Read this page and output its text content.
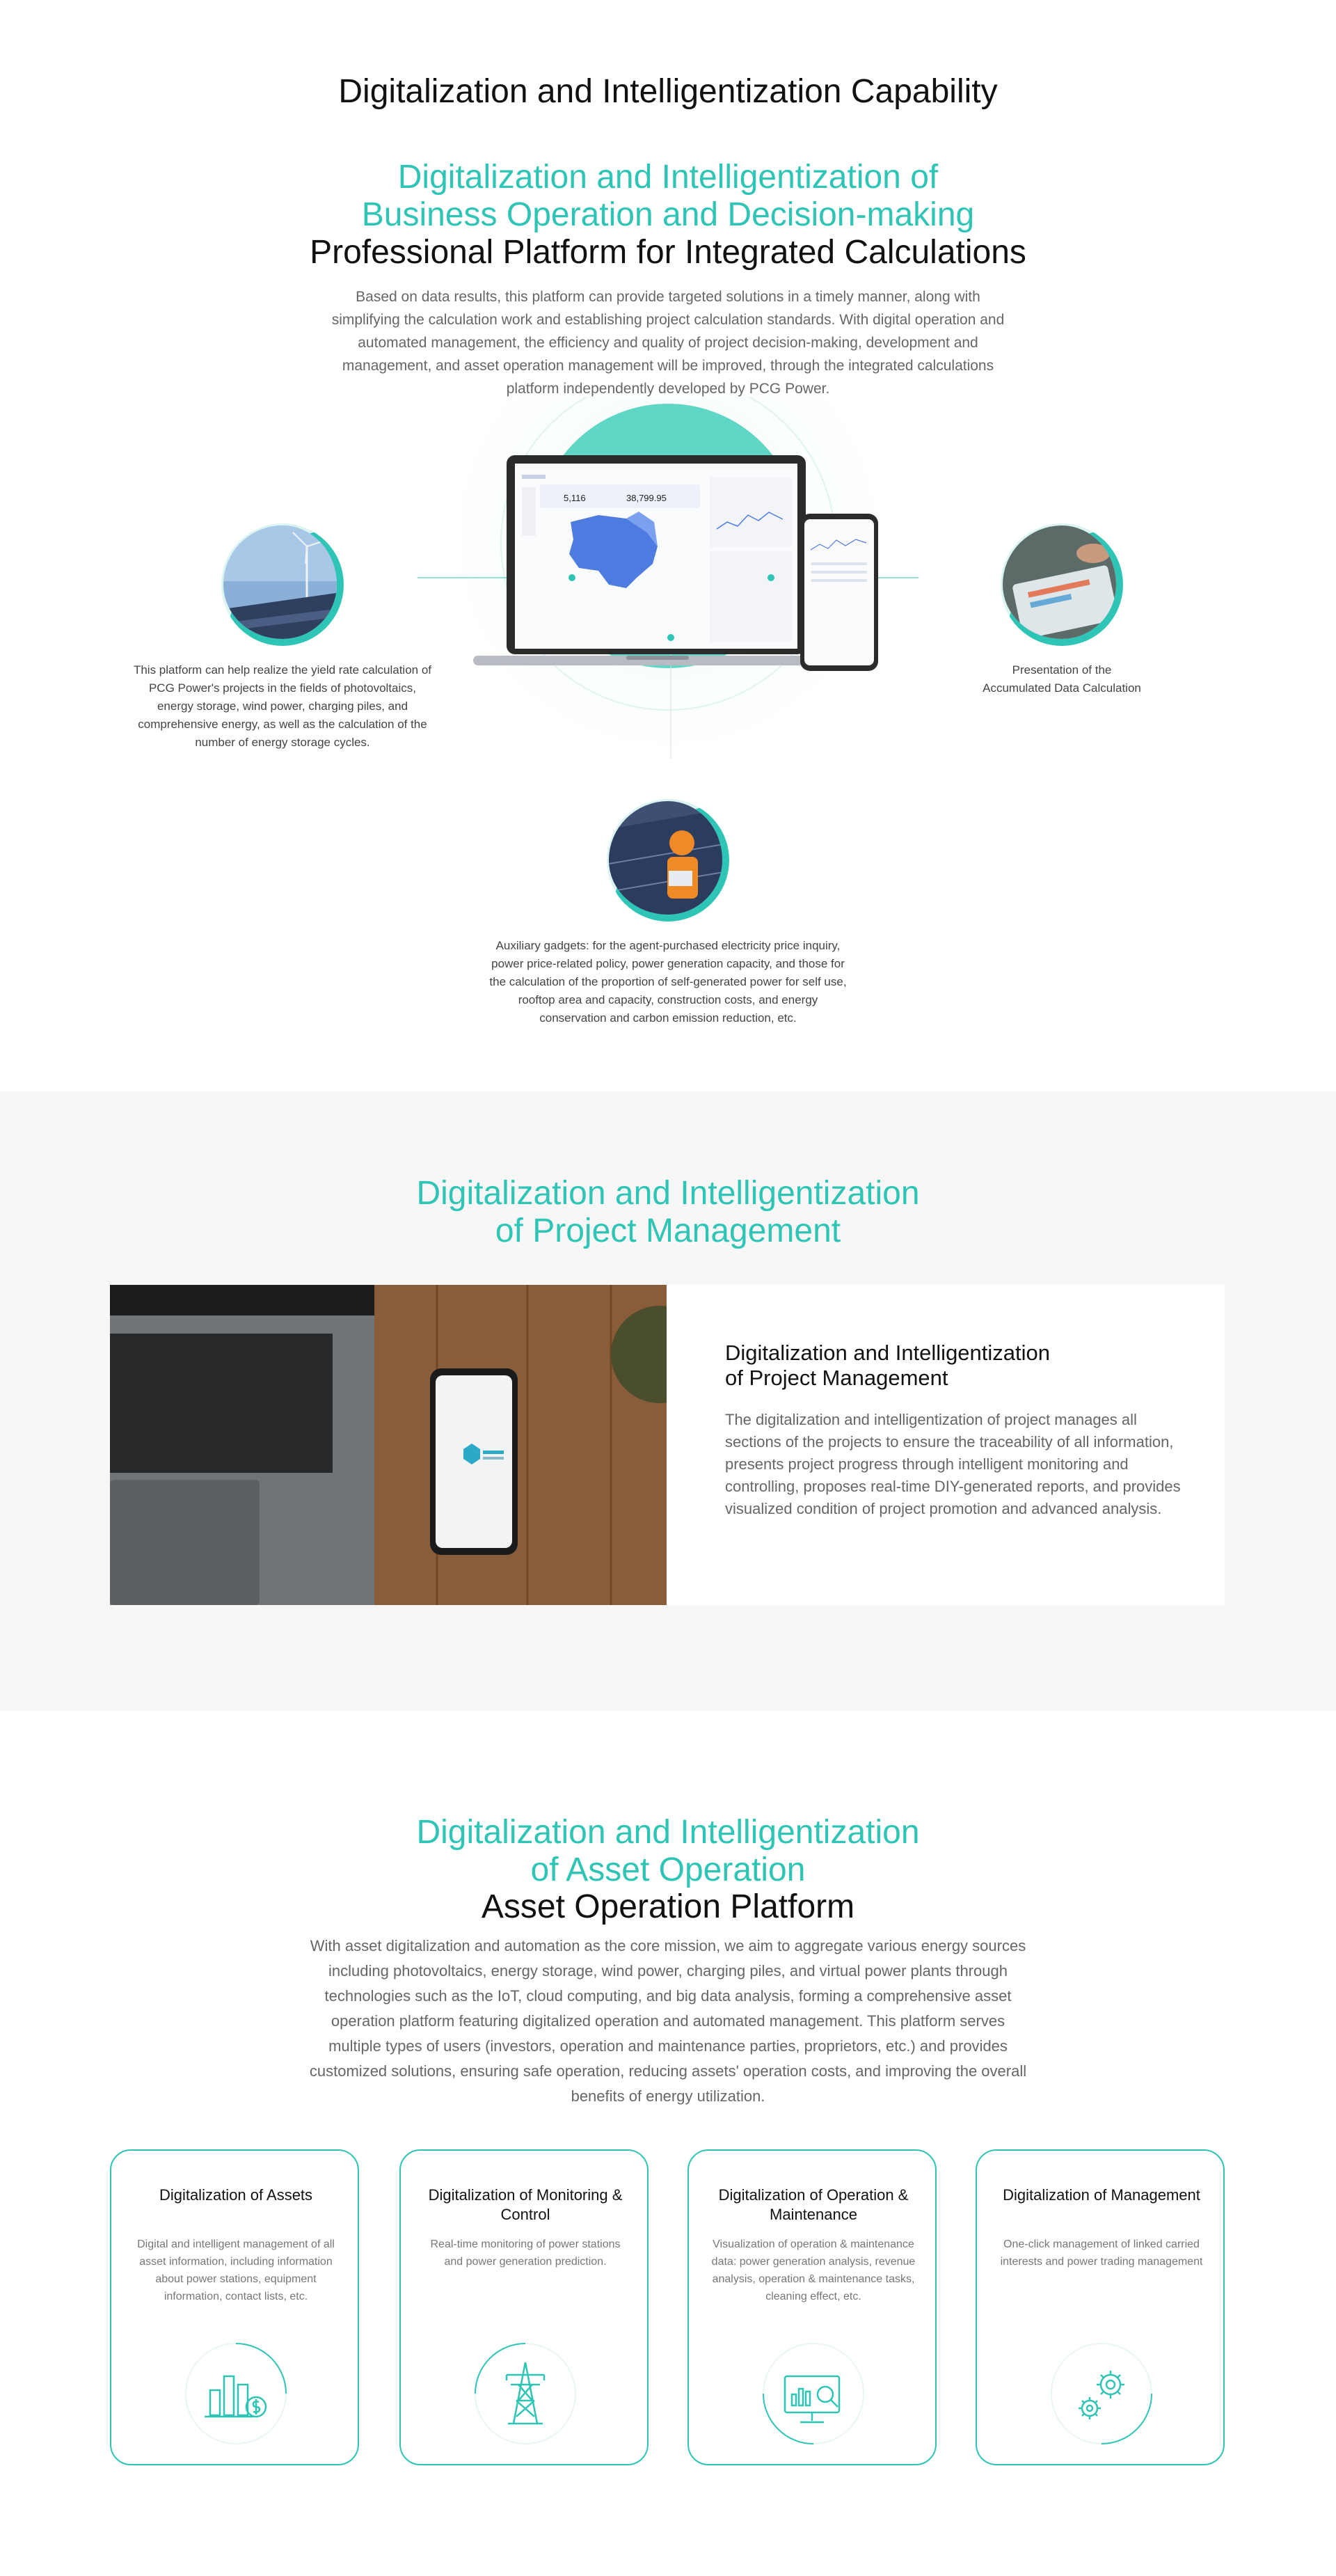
Digitalization and Intelligentization Capability
Digitalization and Intelligentization of
Business Operation and Decision-making
Professional Platform for Integrated Calculations

Based on data results, this platform can provide targeted solutions in a timely manner, along with simplifying the calculation work and establishing project calculation standards. With digital operation and automated management, the efficiency and quality of project decision-making, development and management, and asset operation management will be improved, through the integrated calculations platform independently developed by PCG Power.

5,116	38,799.95

This platform can help realize the yield rate calculation of PCG Power's projects in the fields of photovoltaics, energy storage, wind power, charging piles, and comprehensive energy, as well as the calculation of the number of energy storage cycles.

Presentation of the
Accumulated Data Calculation

Auxiliary gadgets: for the agent-purchased electricity price inquiry, power price-related policy, power generation capacity, and those for the calculation of the proportion of self-generated power for self use, rooftop area and capacity, construction costs, and energy conservation and carbon emission reduction, etc.

Digitalization and Intelligentization
of Project Management
Digitalization and Intelligentization
of Project Management

The digitalization and intelligentization of project manages all sections of the projects to ensure the traceability of all information, presents project progress through intelligent monitoring and controlling, proposes real-time DIY-generated reports, and provides visualized condition of project promotion and advanced analysis.

Digitalization and Intelligentization
of Asset Operation
Asset Operation Platform

With asset digitalization and automation as the core mission, we aim to aggregate various energy sources including photovoltaics, energy storage, wind power, charging piles, and virtual power plants through technologies such as the IoT, cloud computing, and big data analysis, forming a comprehensive asset operation platform featuring digitalized operation and automated management. This platform serves multiple types of users (investors, operation and maintenance parties, proprietors, etc.) and provides customized solutions, ensuring safe operation, reducing assets' operation costs, and improving the overall benefits of energy utilization.

Digitalization of Assets

Digital and intelligent management of all asset information, including information about power stations, equipment information, contact lists, etc.

Digitalization of Monitoring & Control

Real-time monitoring of power stations and power generation prediction.

Digitalization of Operation & Maintenance

Visualization of operation & maintenance data: power generation analysis, revenue analysis, operation & maintenance tasks, cleaning effect, etc.

Digitalization of Management

One-click management of linked carried interests and power trading management
